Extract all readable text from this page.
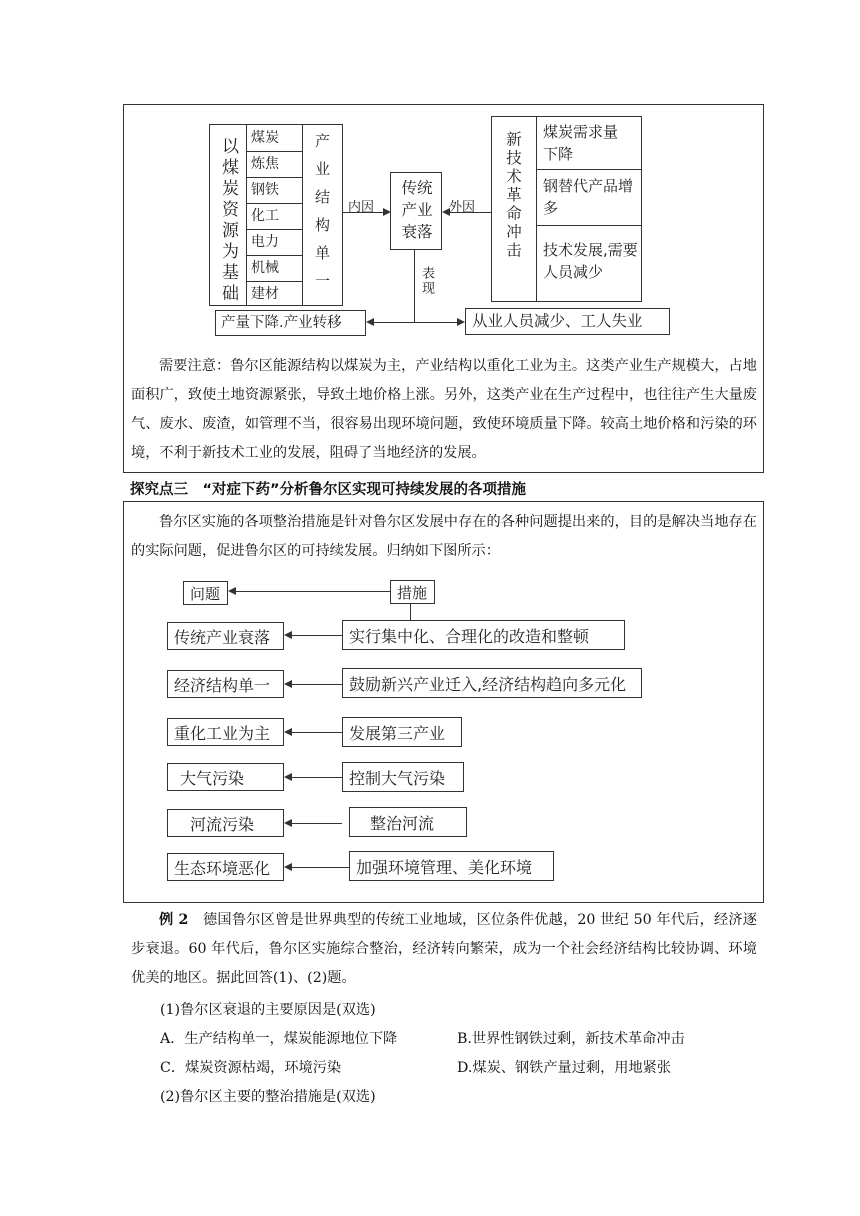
以煤炭资源为基础 煤炭
炼焦
钢铁
化工
电力
机械
建材	产业结构单一 内因
传统产业衰落
外因 新技术革命冲击 煤炭需求量下降
钢替代产品增多
技术发展,需要人员减少
表现
产量下降.产业转移	从业人员减少、工人失业
需要注意：鲁尔区能源结构以煤炭为主，产业结构以重化工业为主。这类产业生产规模大，占地面积广，致使土地资源紧张，导致土地价格上涨。另外，这类产业在生产过程中，也往往产生大量废气、废水、废渣，如管理不当，很容易出现环境问题，致使环境质量下降。较高土地价格和污染的环境，不利于新技术工业的发展，阻碍了当地经济的发展。
探究点三　“对症下药”分析鲁尔区实现可持续发展的各项措施
鲁尔区实施的各项整治措施是针对鲁尔区发展中存在的各种问题提出来的，目的是解决当地存在的实际问题，促进鲁尔区的可持续发展。归纳如下图所示：
问题	措施
传统产业衰落	实行集中化、合理化的改造和整顿
经济结构单一	鼓励新兴产业迁入,经济结构趋向多元化
重化工业为主	发展第三产业
大气污染	控制大气污染
河流污染	整治河流
生态环境恶化	加强环境管理、美化环境
例 2　 德国鲁尔区曾是世界典型的传统工业地域，区位条件优越，20 世纪 50 年代后，经济逐步衰退。60 年代后，鲁尔区实施综合整治，经济转向繁荣，成为一个社会经济结构比较协调、环境优美的地区。据此回答(1)、(2)题。
(1)鲁尔区衰退的主要原因是(双选)
A．生产结构单一，煤炭能源地位下降	B.世界性钢铁过剩，新技术革命冲击
C．煤炭资源枯竭，环境污染	D.煤炭、钢铁产量过剩，用地紧张
(2)鲁尔区主要的整治措施是(双选)
